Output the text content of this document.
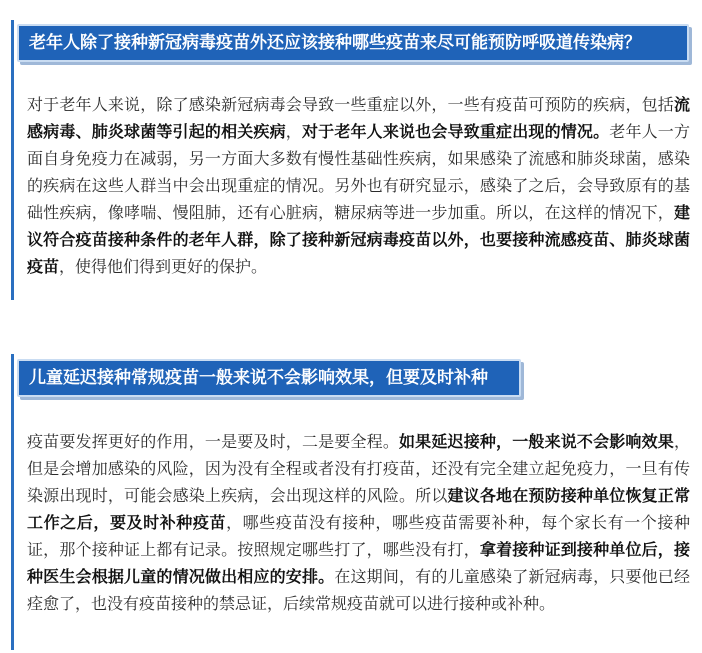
老年人除了接种新冠病毒疫苗外还应该接种哪些疫苗来尽可能预防呼吸道传染病？

对于老年人来说，除了感染新冠病毒会导致一些重症以外，一些有疫苗可预防的疾病，包括流感病毒、肺炎球菌等引起的相关疾病，对于老年人来说也会导致重症出现的情况。老年人一方面自身免疫力在减弱，另一方面大多数有慢性基础性疾病，如果感染了流感和肺炎球菌，感染的疾病在这些人群当中会出现重症的情况。另外也有研究显示，感染了之后，会导致原有的基础性疾病，像哮喘、慢阻肺，还有心脏病，糖尿病等进一步加重。所以，在这样的情况下，建议符合疫苗接种条件的老年人群，除了接种新冠病毒疫苗以外，也要接种流感疫苗、肺炎球菌疫苗，使得他们得到更好的保护。

儿童延迟接种常规疫苗一般来说不会影响效果，但要及时补种

疫苗要发挥更好的作用，一是要及时，二是要全程。如果延迟接种，一般来说不会影响效果，但是会增加感染的风险，因为没有全程或者没有打疫苗，还没有完全建立起免疫力，一旦有传染源出现时，可能会感染上疾病，会出现这样的风险。所以建议各地在预防接种单位恢复正常工作之后，要及时补种疫苗，哪些疫苗没有接种，哪些疫苗需要补种，每个家长有一个接种证，那个接种证上都有记录。按照规定哪些打了，哪些没有打，拿着接种证到接种单位后，接种医生会根据儿童的情况做出相应的安排。在这期间，有的儿童感染了新冠病毒，只要他已经痊愈了，也没有疫苗接种的禁忌证，后续常规疫苗就可以进行接种或补种。
